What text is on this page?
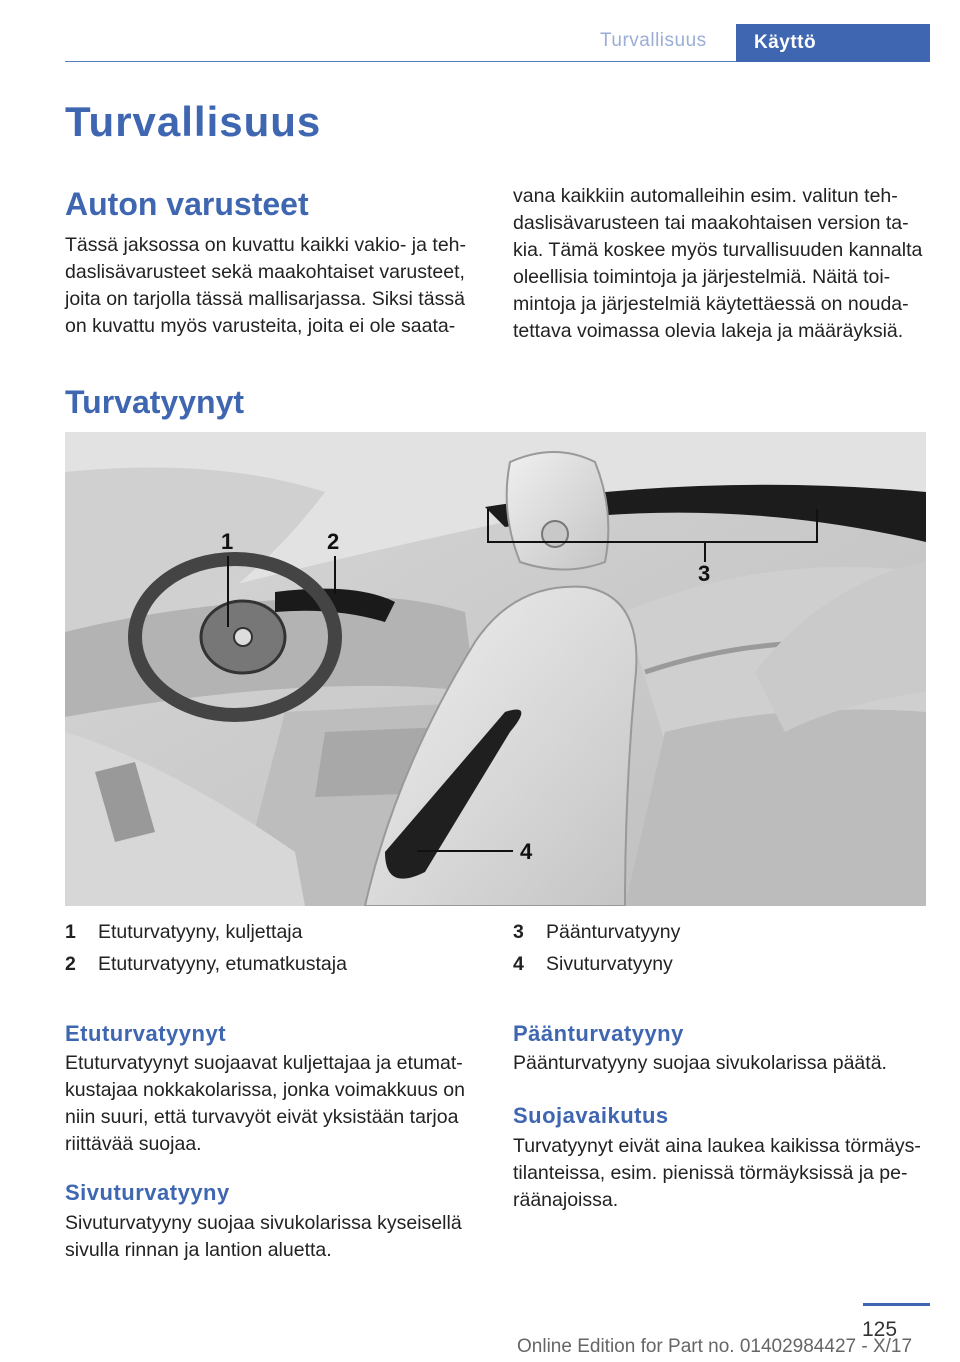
Turvallisuus	Käyttö
Turvallisuus
Auton varusteet
Tässä jaksossa on kuvattu kaikki vakio- ja teh-
daslisävarusteet sekä maakohtaiset varusteet,
joita on tarjolla tässä mallisarjassa. Siksi tässä
on kuvattu myös varusteita, joita ei ole saata-
vana kaikkiin automalleihin esim. valitun teh-
daslisävarusteen tai maakohtaisen version ta-
kia. Tämä koskee myös turvallisuuden kannalta
oleellisia toimintoja ja järjestelmiä. Näitä toi-
mintoja ja järjestelmiä käytettäessä on nouda-
tettava voimassa olevia lakeja ja määräyksiä.
Turvatyynyt
1	2
3
4
1 Etuturvatyyny, kuljettaja
2 Etuturvatyyny, etumatkustaja
3 Päänturvatyyny
4 Sivuturvatyyny
Etuturvatyynyt
Etuturvatyynyt suojaavat kuljettajaa ja etumat-
kustajaa nokkakolarissa, jonka voimakkuus on
niin suuri, että turvavyöt eivät yksistään tarjoa
riittävää suojaa.
Sivuturvatyyny
Sivuturvatyyny suojaa sivukolarissa kyseisellä
sivulla rinnan ja lantion aluetta.
Päänturvatyyny
Päänturvatyyny suojaa sivukolarissa päätä.
Suojavaikutus
Turvatyynyt eivät aina laukea kaikissa törmäys-
tilanteissa, esim. pienissä törmäyksissä ja pe-
räänajoissa.
125
Online Edition for Part no. 01402984427 - X/17
